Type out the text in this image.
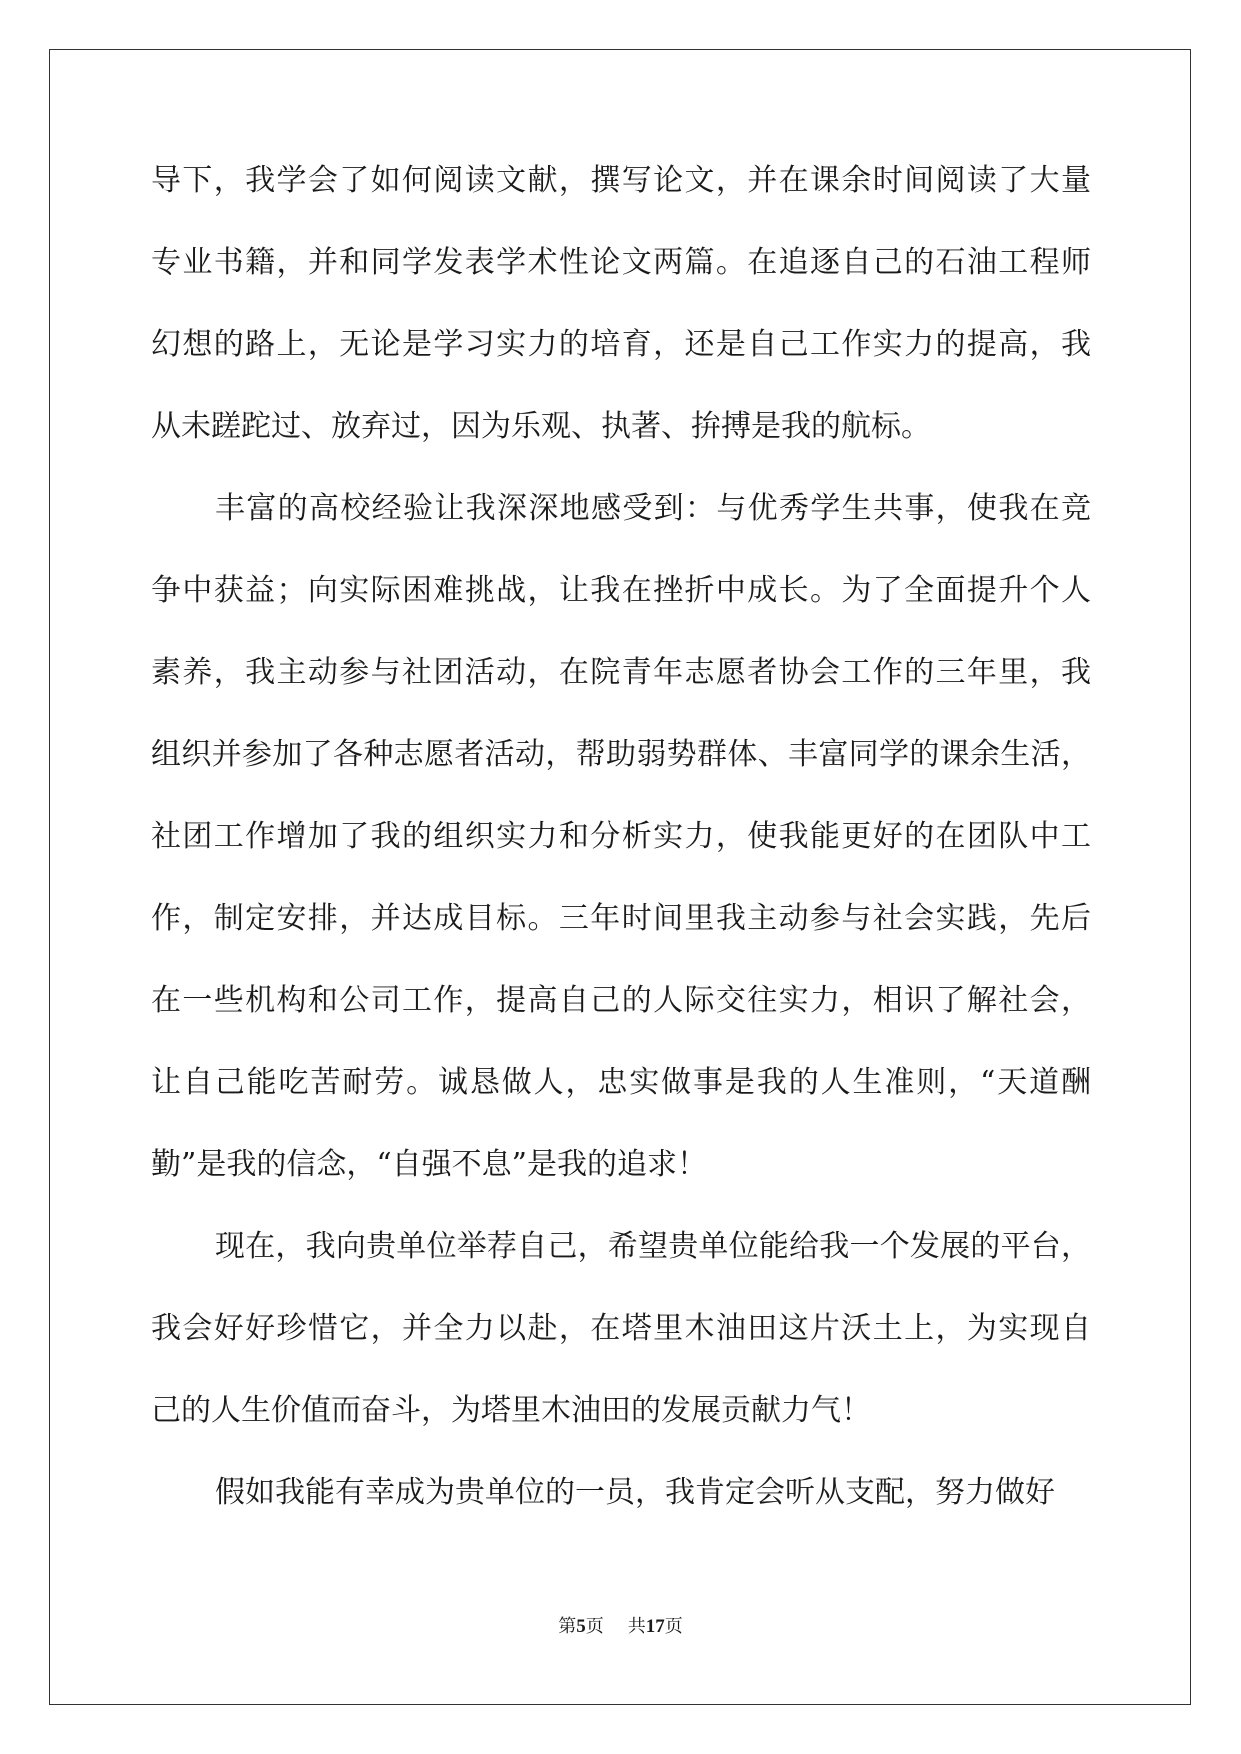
导下，我学会了如何阅读文献，撰写论文，并在课余时间阅读了大量
专业书籍，并和同学发表学术性论文两篇。在追逐自己的石油工程师
幻想的路上，无论是学习实力的培育，还是自己工作实力的提高，我
从未蹉跎过、放弃过，因为乐观、执著、拚搏是我的航标。
丰富的高校经验让我深深地感受到：与优秀学生共事，使我在竞
争中获益；向实际困难挑战，让我在挫折中成长。为了全面提升个人
素养，我主动参与社团活动，在院青年志愿者协会工作的三年里，我
组织并参加了各种志愿者活动，帮助弱势群体、丰富同学的课余生活，
社团工作增加了我的组织实力和分析实力，使我能更好的在团队中工
作，制定安排，并达成目标。三年时间里我主动参与社会实践，先后
在一些机构和公司工作，提高自己的人际交往实力，相识了解社会，
让自己能吃苦耐劳。诚恳做人，忠实做事是我的人生准则，“天道酬
勤”是我的信念，“自强不息”是我的追求！
现在，我向贵单位举荐自己，希望贵单位能给我一个发展的平台，
我会好好珍惜它，并全力以赴，在塔里木油田这片沃土上，为实现自
己的人生价值而奋斗，为塔里木油田的发展贡献力气！
假如我能有幸成为贵单位的一员，我肯定会听从支配，努力做好
第5页 共17页
